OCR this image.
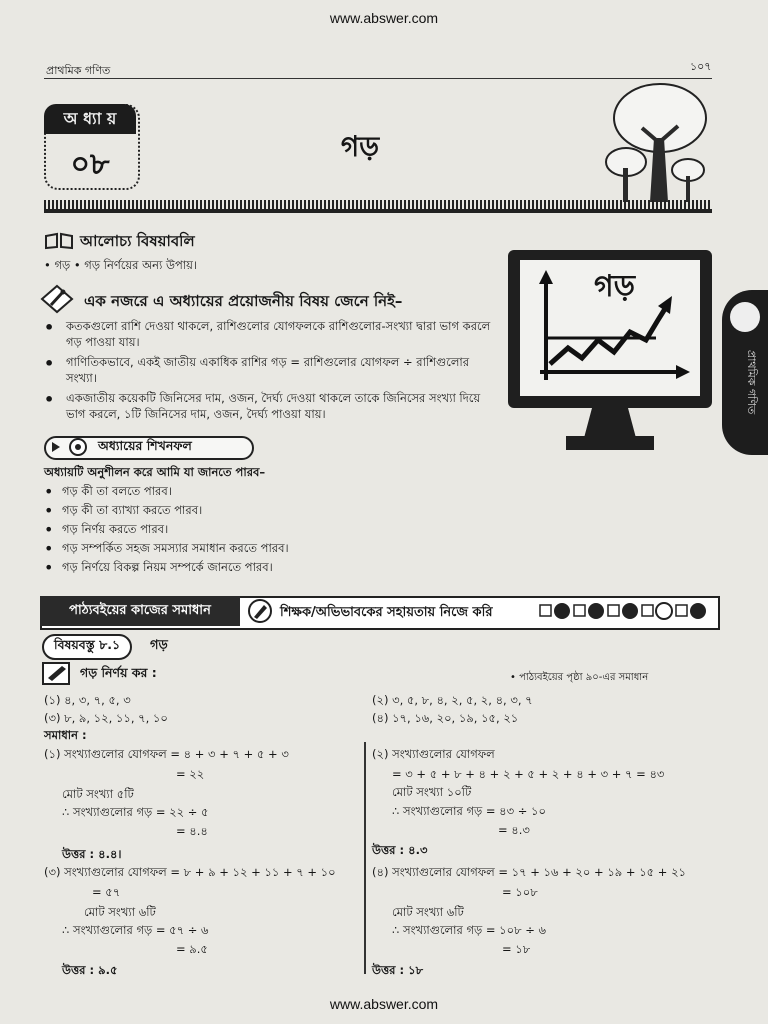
www.abswer.com
প্রাথমিক গণিত	১০৭
অ ধ্যা য়
০৮
গড়
আলোচ্য বিষয়াবলি
• গড় • গড় নির্ণয়ের অন্য উপায়।
এক নজরে এ অধ্যায়ের প্রয়োজনীয় বিষয় জেনে নিই–
•	কতকগুলো রাশি দেওয়া থাকলে, রাশিগুলোর যোগফলকে রাশিগুলোর-সংখ্যা দ্বারা ভাগ করলে গড় পাওয়া যায়।
•	গাণিতিকভাবে, একই জাতীয় একাধিক রাশির গড় = রাশিগুলোর যোগফল ÷ রাশিগুলোর সংখ্যা।
•	একজাতীয় কয়েকটি জিনিসের দাম, ওজন, দৈর্ঘ্য দেওয়া থাকলে তাকে জিনিসের সংখ্যা দিয়ে ভাগ করলে, ১টি জিনিসের দাম, ওজন, দৈর্ঘ্য পাওয়া যায়।
গড়
প্রাথমিক গণিত
অধ্যায়ের শিখনফল
অধ্যায়টি অনুশীলন করে আমি যা জানতে পারব–
• গড় কী তা বলতে পারব।
• গড় কী তা ব্যাখ্যা করতে পারব।
• গড় নির্ণয় করতে পারব।
• গড় সম্পর্কিত সহজ সমস্যার সমাধান করতে পারব।
• গড় নির্ণয়ে বিকল্প নিয়ম সম্পর্কে জানতে পারব।
পাঠ্যবইয়ের কাজের সমাধান	শিক্ষক/অভিভাবকের সহায়তায় নিজে করি
বিষয়বস্তু ৮.১	গড়
গড় নির্ণয় কর :	• পাঠ্যবইয়ের পৃষ্ঠা ৯০-এর সমাধান
(১) ৪, ৩, ৭, ৫, ৩	(২) ৩, ৫, ৮, ৪, ২, ৫, ২, ৪, ৩, ৭
(৩) ৮, ৯, ১২, ১১, ৭, ১০	(৪) ১৭, ১৬, ২০, ১৯, ১৫, ২১
সমাধান :
(১) সংখ্যাগুলোর যোগফল = ৪ + ৩ + ৭ + ৫ + ৩
= ২২
মোট সংখ্যা ৫টি
∴ সংখ্যাগুলোর গড় = ২২ ÷ ৫
= ৪.৪
উত্তর : ৪.৪।
(২) সংখ্যাগুলোর যোগফল
= ৩ + ৫ + ৮ + ৪ + ২ + ৫ + ২ + ৪ + ৩ + ৭ = ৪৩
মোট সংখ্যা ১০টি
∴ সংখ্যাগুলোর গড় = ৪৩ ÷ ১০
= ৪.৩
উত্তর : ৪.৩
(৩) সংখ্যাগুলোর যোগফল = ৮ + ৯ + ১২ + ১১ + ৭ + ১০
= ৫৭
মোট সংখ্যা ৬টি
∴ সংখ্যাগুলোর গড় = ৫৭ ÷ ৬
= ৯.৫
উত্তর : ৯.৫
(৪) সংখ্যাগুলোর যোগফল = ১৭ + ১৬ + ২০ + ১৯ + ১৫ + ২১
= ১০৮
মোট সংখ্যা ৬টি
∴ সংখ্যাগুলোর গড় = ১০৮ ÷ ৬
= ১৮
উত্তর : ১৮
www.abswer.com
